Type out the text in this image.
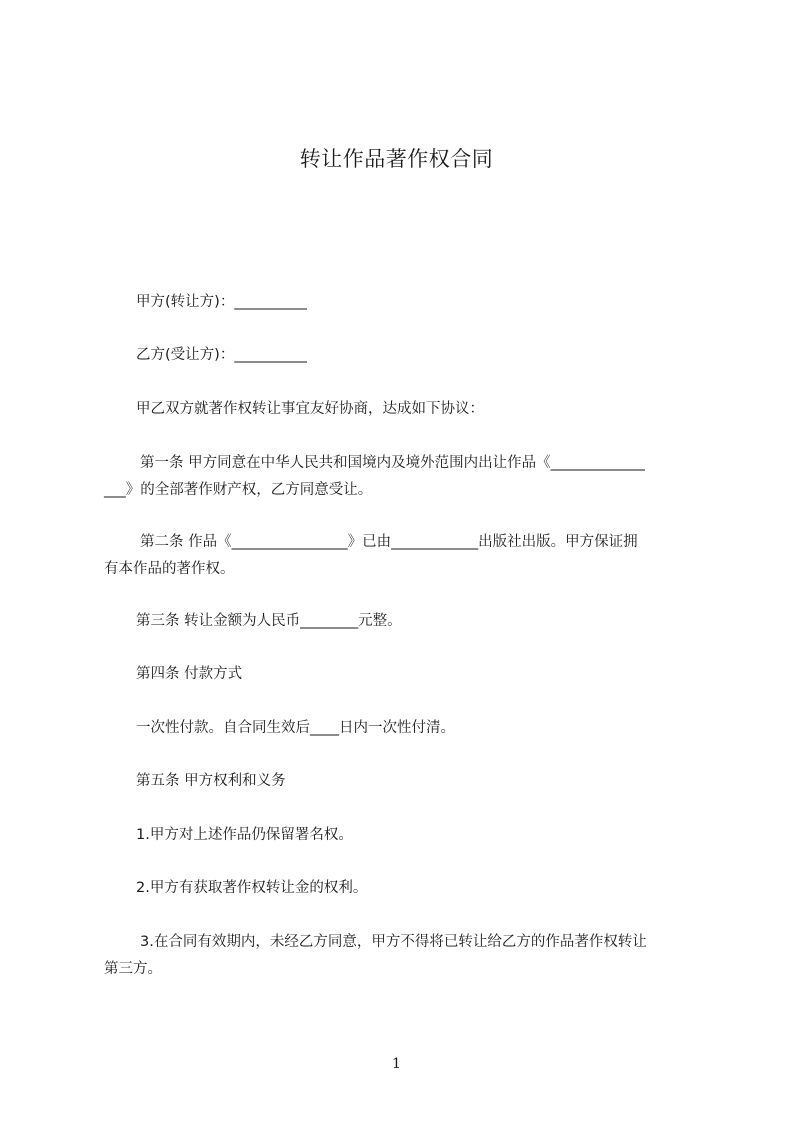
转让作品著作权合同
甲方(转让方)：__________
乙方(受让方)：__________
甲乙双方就著作权转让事宜友好协商，达成如下协议：
第一条 甲方同意在中华人民共和国境内及境外范围内出让作品《_____________
___》的全部著作财产权，乙方同意受让。
第二条 作品《________________》已由____________出版社出版。甲方保证拥
有本作品的著作权。
第三条 转让金额为人民币________元整。
第四条 付款方式
一次性付款。自合同生效后____日内一次性付清。
第五条 甲方权利和义务
1.甲方对上述作品仍保留署名权。
2.甲方有获取著作权转让金的权利。
3.在合同有效期内，未经乙方同意，甲方不得将已转让给乙方的作品著作权转让
第三方。
1
